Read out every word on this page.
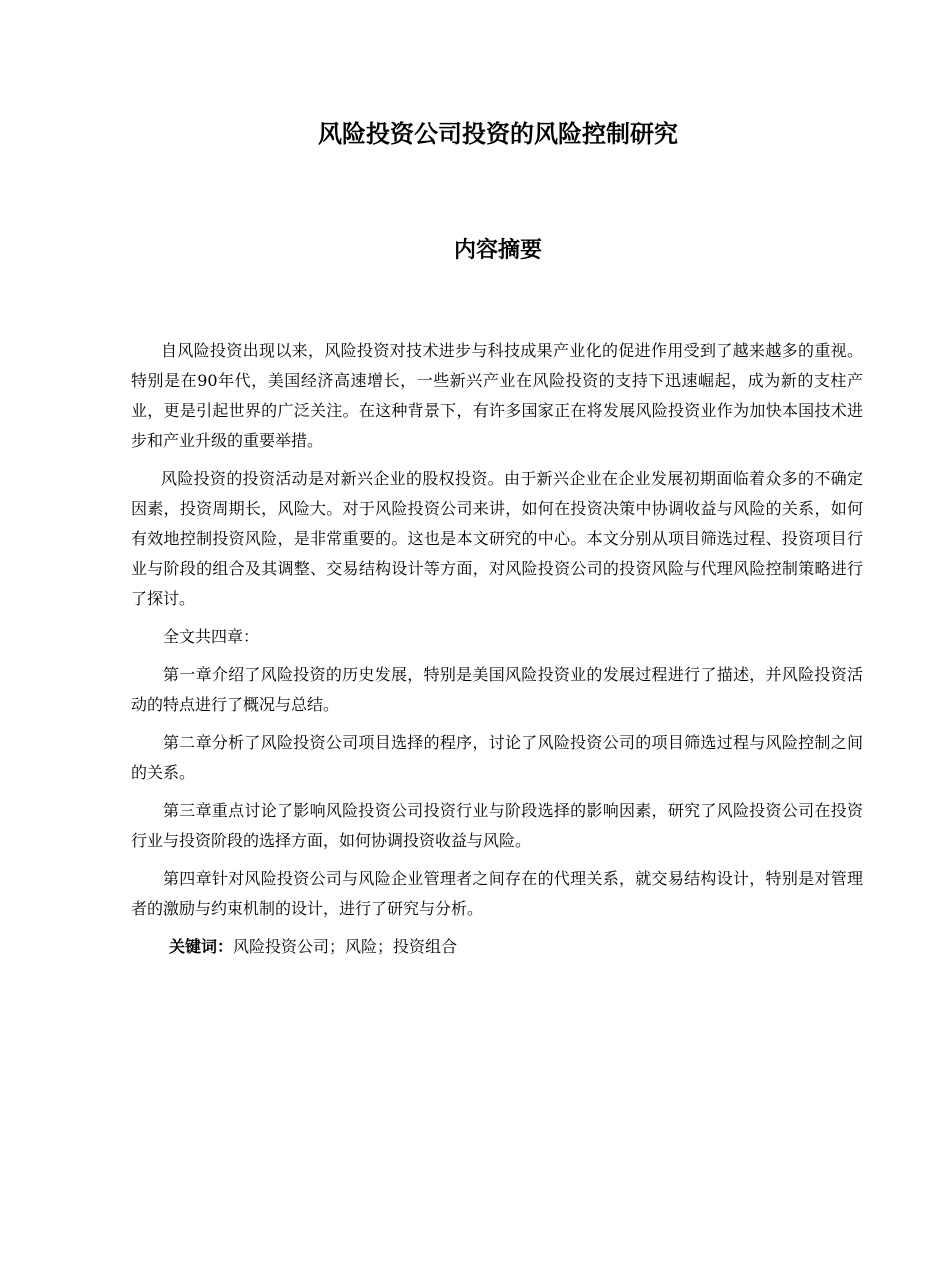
风险投资公司投资的风险控制研究
内容摘要

自风险投资出现以来，风险投资对技术进步与科技成果产业化的促进作用受到了越来越多的重视。特别是在90年代，美国经济高速增长，一些新兴产业在风险投资的支持下迅速崛起，成为新的支柱产业，更是引起世界的广泛关注。在这种背景下，有许多国家正在将发展风险投资业作为加快本国技术进步和产业升级的重要举措。

风险投资的投资活动是对新兴企业的股权投资。由于新兴企业在企业发展初期面临着众多的不确定因素，投资周期长，风险大。对于风险投资公司来讲，如何在投资决策中协调收益与风险的关系，如何有效地控制投资风险，是非常重要的。这也是本文研究的中心。本文分别从项目筛选过程、投资项目行业与阶段的组合及其调整、交易结构设计等方面，对风险投资公司的投资风险与代理风险控制策略进行了探讨。

全文共四章：

第一章介绍了风险投资的历史发展，特别是美国风险投资业的发展过程进行了描述，并风险投资活动的特点进行了概况与总结。

第二章分析了风险投资公司项目选择的程序，讨论了风险投资公司的项目筛选过程与风险控制之间的关系。

第三章重点讨论了影响风险投资公司投资行业与阶段选择的影响因素，研究了风险投资公司在投资行业与投资阶段的选择方面，如何协调投资收益与风险。

第四章针对风险投资公司与风险企业管理者之间存在的代理关系，就交易结构设计，特别是对管理者的激励与约束机制的设计，进行了研究与分析。

关键词：风险投资公司；风险；投资组合
